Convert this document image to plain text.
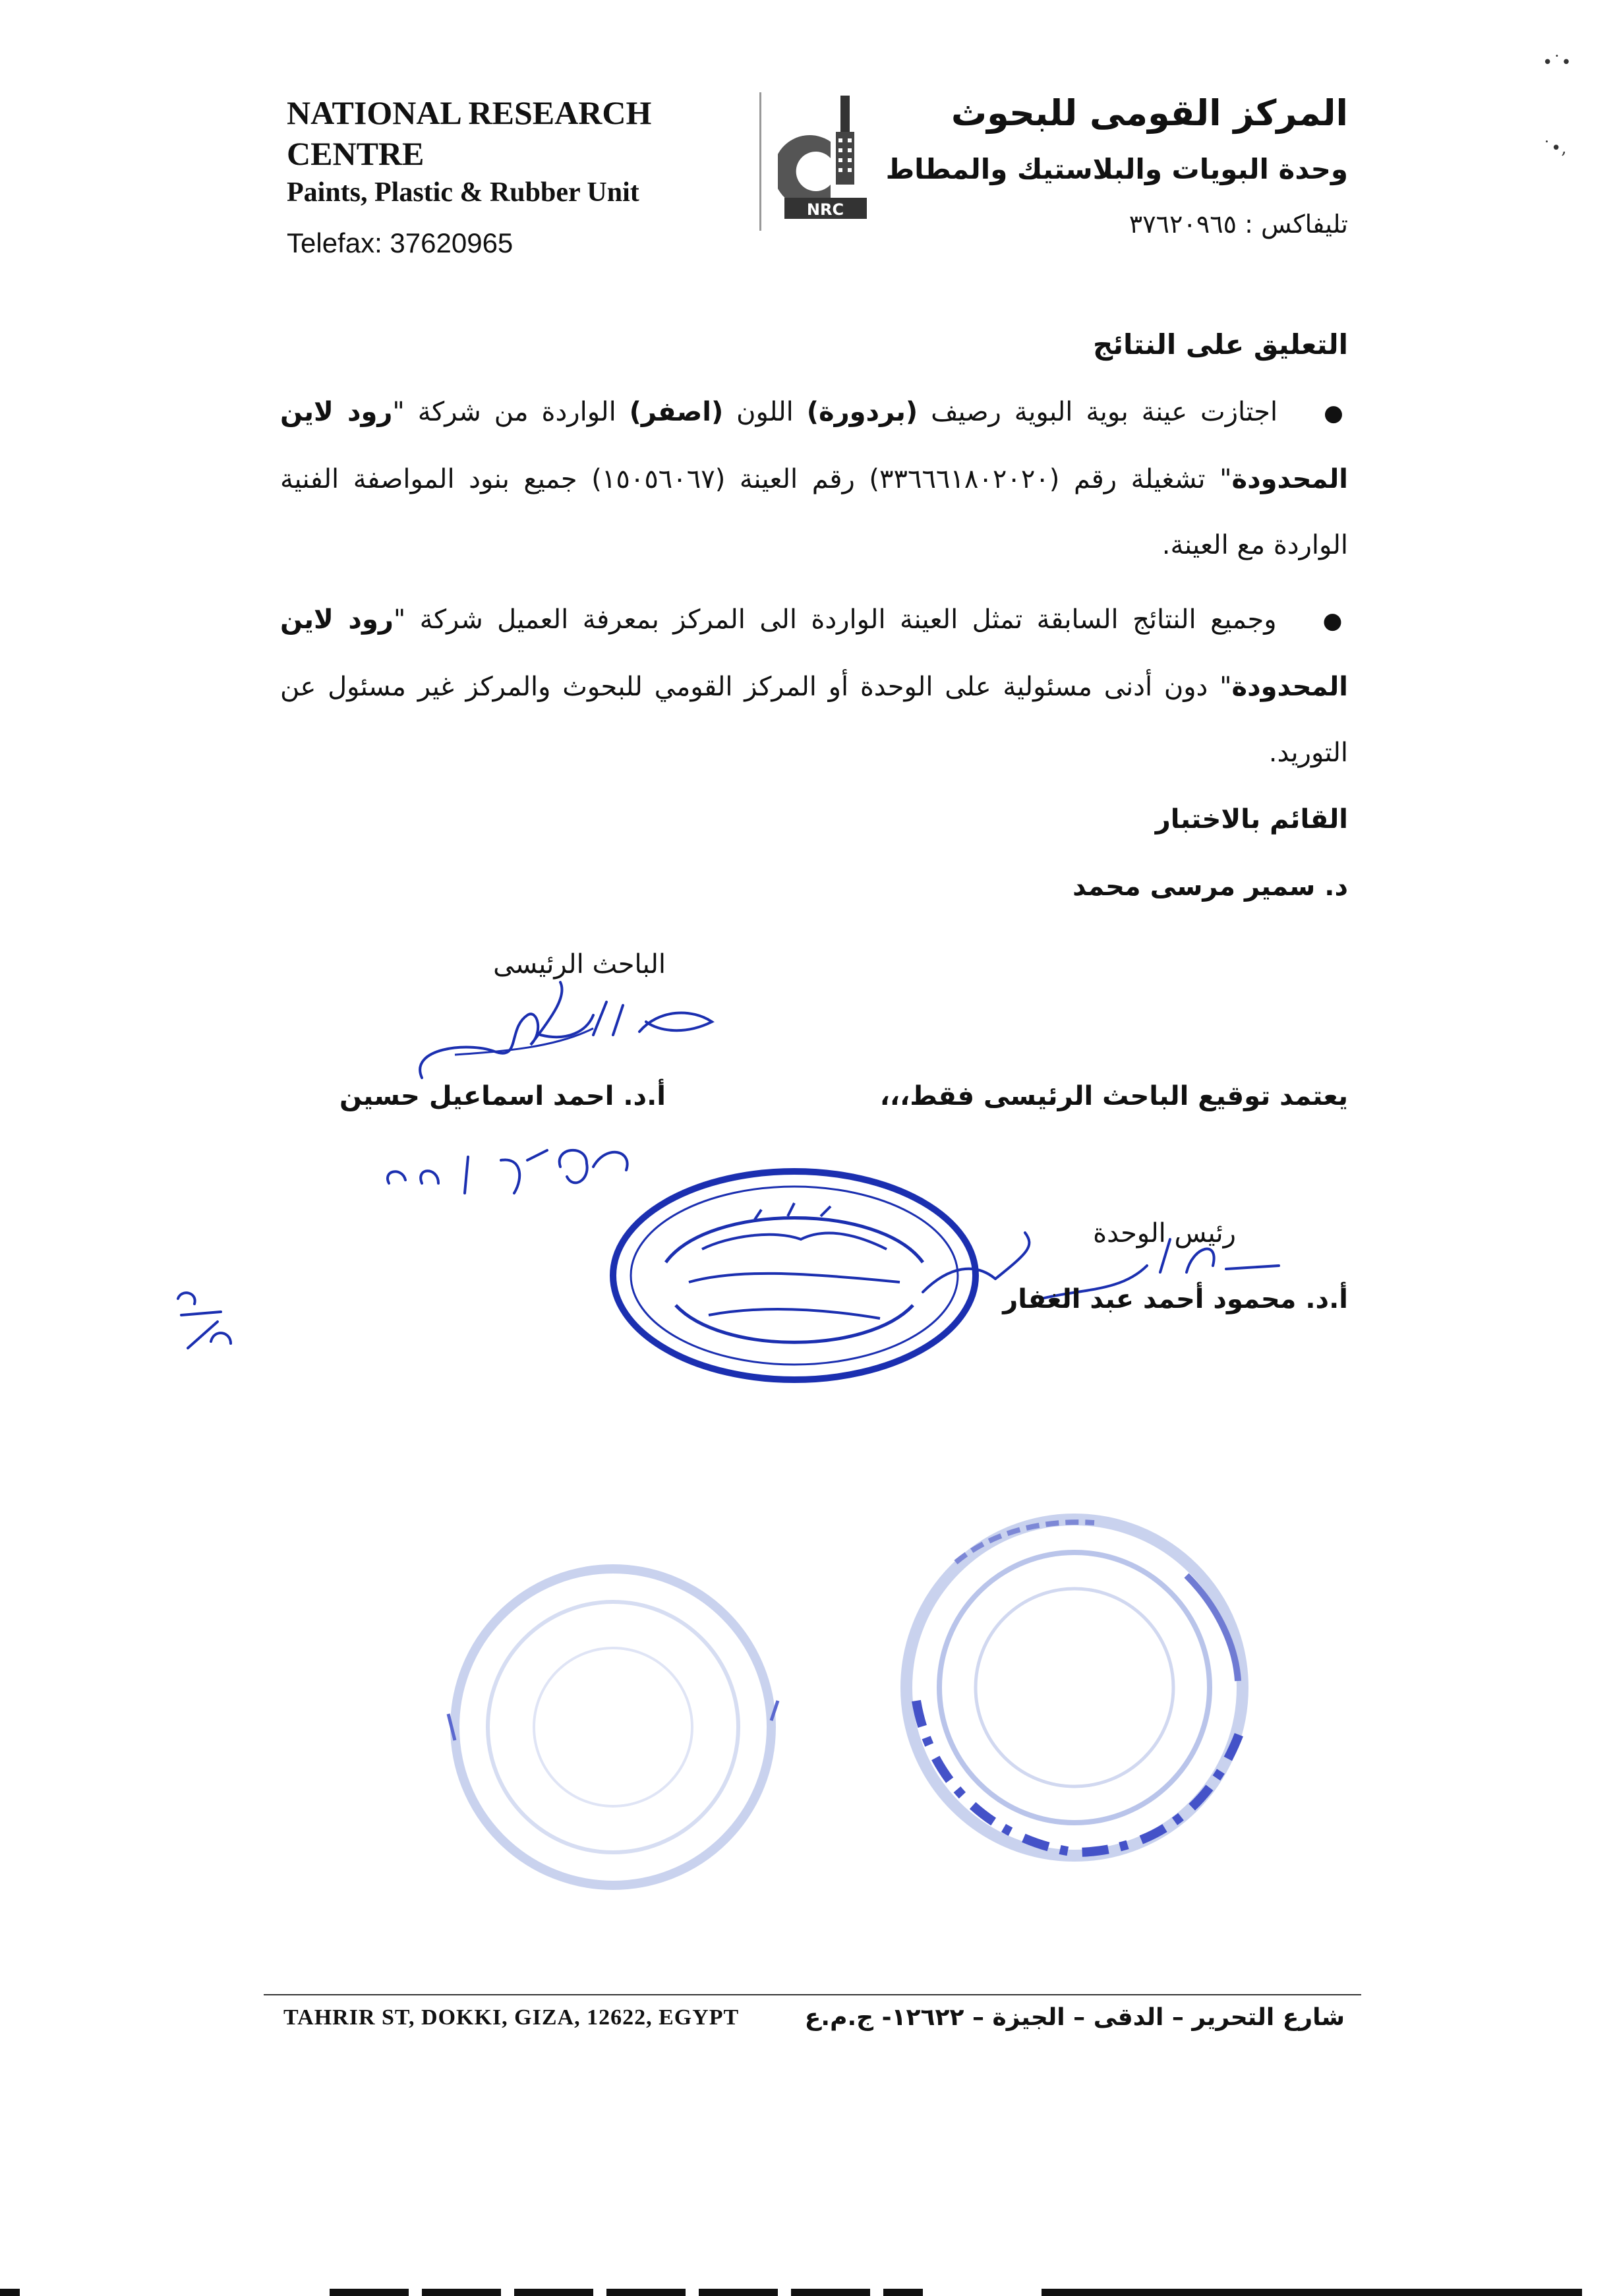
NATIONAL RESEARCH
CENTRE
Paints, Plastic & Rubber Unit
Telefax: 37620965
NRC
المركز القومى للبحوث
وحدة البويات والبلاستيك والمطاط
تليفاكس : ٣٧٦٢٠٩٦٥
•˙•
˙•,
التعليق على النتائج
●اجتازت عينة بوية البوية رصيف (بردورة) اللون (اصفر) الواردة من شركة "رود لاين المحدودة" تشغيلة رقم (٣٣٦٦٦١٨٠٢٠٢٠) رقم العينة (١٥٠٥٦٠٦٧) جميع بنود المواصفة الفنية الواردة مع العينة.
●وجميع النتائج السابقة تمثل العينة الواردة الى المركز بمعرفة العميل شركة "رود لاين المحدودة" دون أدنى مسئولية على الوحدة أو المركز القومي للبحوث والمركز غير مسئول عن التوريد.
القائم بالاختبار
د. سمير مرسى محمد
الباحث الرئيسى
أ.د. احمد اسماعيل حسين	يعتمد توقيع الباحث الرئيسى فقط،،،
المركز القومى للبحوث - وحدة التحاليل والاستشارات - وحدات الطابع الخاص
رئيس الوحدة
أ.د. محمود أحمد عبد الغفار
TAHRIR ST, DOKKI, GIZA, 12622, EGYPT	شارع التحرير – الدقى – الجيزة – ١٢٦٢٢- ج.م.ع
